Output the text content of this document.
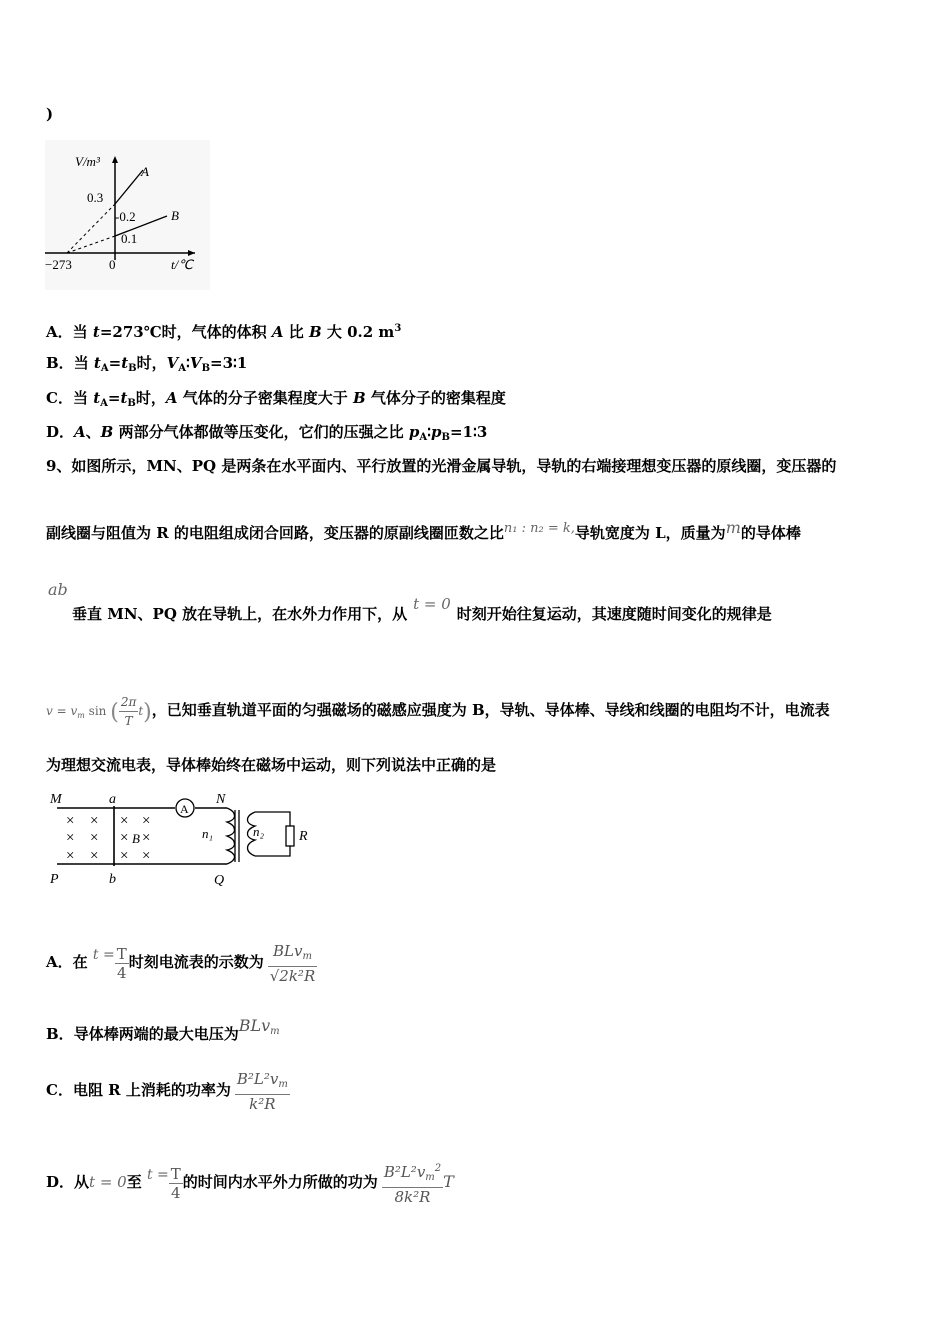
)
V/m³
t/℃
0.3
-0.2
0.1
−273	0
A
B
A．当 t=273℃时，气体的体积 A 比 B 大 0.2 $m^3$
B．当 $t_A=t_B$时，$V_A∶V_B=3∶1$
C．当 $t_A=t_B$时，A 气体的分子密集程度大于 B 气体分子的密集程度
D．A、B 两部分气体都做等压变化，它们的压强之比 $p_A∶p_B=1∶3$
9、如图所示，MN、PQ 是两条在水平面内、平行放置的光滑金属导轨，导轨的右端接理想变压器的原线圈，变压器的
副线圈与阻值为 R 的电阻组成闭合回路，变压器的原副线圈匝数之比n₁ : n₂ = k,导轨宽度为 L，质量为m的导体棒
ab
垂直 MN、PQ 放在导轨上，在水外力作用下，从t = 0时刻开始往复运动，其速度随时间变化的规律是
$v = v_m$ sin ( $\frac{2\pi}{T} t$)，已知垂直轨道平面的匀强磁场的磁感应强度为 B，导轨、导体棒、导线和线圈的电阻均不计，电流表
为理想交流电表，导体棒始终在磁场中运动，则下列说法中正确的是
A
× × × ×
× × ×
× × × ×
×
B
M	a	N
P	b	Q
n₁	n₂ R
A．在 $t = \frac{T}{4}$ 时刻电流表的示数为 $\frac{BLv_m}{\text{√2k²R}}$
B．导体棒两端的最大电压为BLv$_m$
C．电阻 R 上消耗的功率为 $\frac{B^2L^2v_m}{\text{k²R}}$
D．从t = 0至 $t = \frac{T}{4}$ 的时间内水平外力所做的功为 $\frac{B^2L^2v_m^2}{\text{8k²R}}$ T
